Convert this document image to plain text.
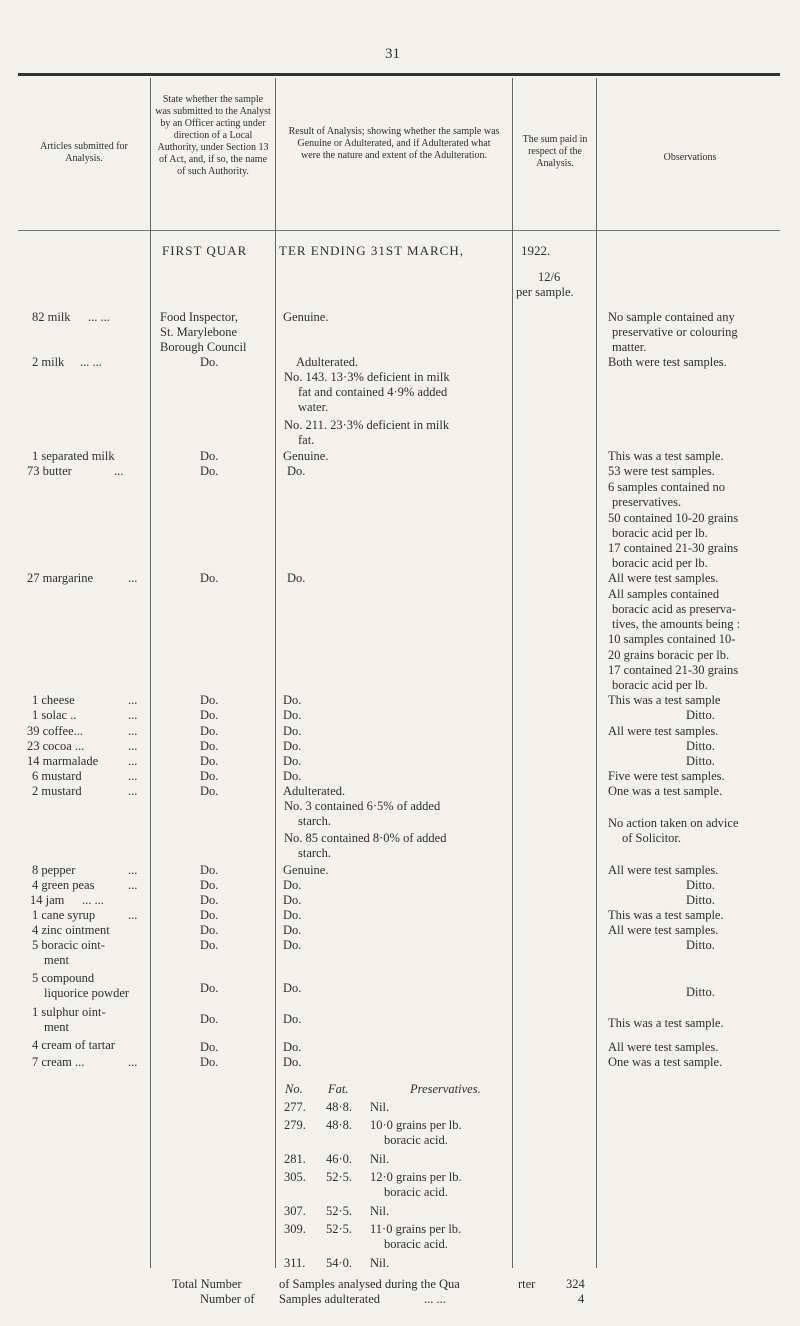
31
Articles submitted for Analysis.
State whether the sample was submitted to the Analyst by an Officer acting under direction of a Local Authority, under Section 13 of Act, and, if so, the name of such Authority.
Result of Analysis; showing whether the sample was Genuine or Adulterated, and if Adulterated what were the nature and extent of the Adulteration.
The sum paid in respect of the Analysis.
Observations
FIRST QUAR TER ENDING 31ST MARCH,	1922.
12/6
per sample.
82 milk ... ...	Food Inspector,
St. Marylebone
Borough Council
Genuine.	No sample contained any
preservative or colouring
matter.
2 milk ... ...	Do.	Adulterated.	Both were test samples.
No. 143. 13·3% deficient in milk
fat and contained 4·9% added
water.
No. 211. 23·3% deficient in milk
fat.
1 separated milk	Do.	Genuine.	This was a test sample.
73 butter	...	Do.	Do.	53 were test samples.
6 samples contained no
preservatives.
50 contained 10-20 grains
boracic acid per lb.
17 contained 21-30 grains
boracic acid per lb.
27 margarine	...	Do.	Do.	All were test samples.
All samples contained
boracic acid as preserva-
tives, the amounts being :
10 samples contained 10-
20 grains boracic per lb.
17 contained 21-30 grains
boracic acid per lb.
1 cheese	...	Do.	Do.	This was a test sample
1 solac ..	...	Do.	Do.	Ditto.
39 coffee...	...	Do.	Do.	All were test samples.
23 cocoa ...	...	Do.	Do.	Ditto.
14 marmalade ...	Do.	Do.	Ditto.
6 mustard	...	Do.	Do.	Five were test samples.
2 mustard	...	Do.	Adulterated.	One was a test sample.
No. 3 contained 6·5% of added
starch.
No. 85 contained 8·0% of added
starch.
No action taken on advice
of Solicitor.
8 pepper	...	Do.	Genuine.	All were test samples.
4 green peas	...	Do.	Do.	Ditto.
14 jam ... ...	Do.	Do.	Ditto.
1 cane syrup	...	Do.	Do.	This was a test sample.
4 zinc ointment	Do.	Do.	All were test samples.
5 boracic oint-
ment
Do.	Do.	Ditto.
5 compound
liquorice powder	Do.	Do.	Ditto.
1 sulphur oint-
ment
Do.	Do.	This was a test sample.
4 cream of tartar	Do.	Do.	All were test samples.
7 cream ...	...	Do.	Do.	One was a test sample.
No. Fat.	Preservatives.
277. 48·8. Nil.
279. 48·8. 10·0 grains per lb.
boracic acid.
281. 46·0. Nil.
305. 52·5. 12·0 grains per lb.
boracic acid.
307. 52·5. Nil.
309. 52·5. 11·0 grains per lb.
boracic acid.
311. 54·0. Nil.
Total Number	of Samples analysed during the Qua	rter 324
Number of Samples adulterated	... ...	4
